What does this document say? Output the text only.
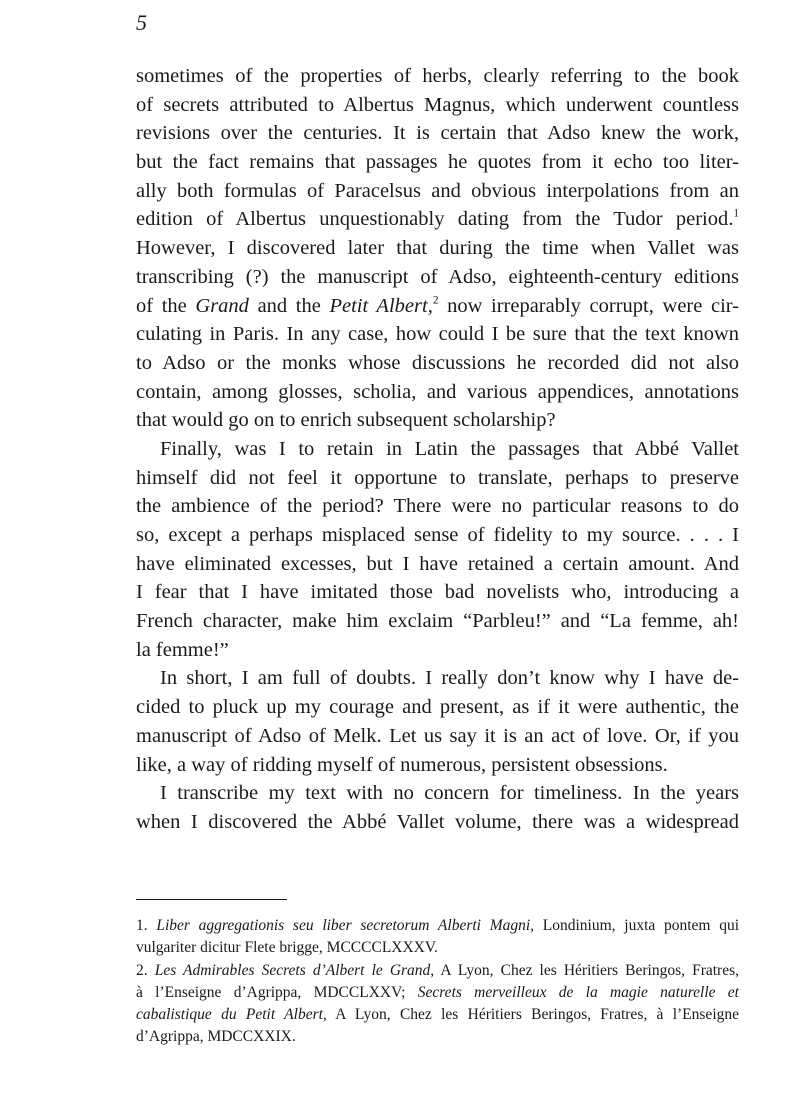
5
sometimes of the properties of herbs, clearly referring to the book
of secrets attributed to Albertus Magnus, which underwent countless
revisions over the centuries. It is certain that Adso knew the work,
but the fact remains that passages he quotes from it echo too liter-
ally both formulas of Paracelsus and obvious interpolations from an
edition of Albertus unquestionably dating from the Tudor period.$^1$
However, I discovered later that during the time when Vallet was
transcribing (?) the manuscript of Adso, eighteenth-century editions
of the Grand and the Petit Albert,$^2$ now irreparably corrupt, were cir-
culating in Paris. In any case, how could I be sure that the text known
to Adso or the monks whose discussions he recorded did not also
contain, among glosses, scholia, and various appendices, annotations
that would go on to enrich subsequent scholarship?
Finally, was I to retain in Latin the passages that Abbé Vallet
himself did not feel it opportune to translate, perhaps to preserve
the ambience of the period? There were no particular reasons to do
so, except a perhaps misplaced sense of fidelity to my source. . . . I
have eliminated excesses, but I have retained a certain amount. And
I fear that I have imitated those bad novelists who, introducing a
French character, make him exclaim “Parbleu!” and “La femme, ah!
la femme!”
In short, I am full of doubts. I really don’t know why I have de-
cided to pluck up my courage and present, as if it were authentic, the
manuscript of Adso of Melk. Let us say it is an act of love. Or, if you
like, a way of ridding myself of numerous, persistent obsessions.
I transcribe my text with no concern for timeliness. In the years
when I discovered the Abbé Vallet volume, there was a widespread
1. Liber aggregationis seu liber secretorum Alberti Magni, Londinium, juxta pontem qui
vulgariter dicitur Flete brigge, MCCCCLXXXV.
2. Les Admirables Secrets d’Albert le Grand, A Lyon, Chez les Héritiers Beringos, Fratres,
à l’Enseigne d’Agrippa, MDCCLXXV; Secrets merveilleux de la magie naturelle et
cabalistique du Petit Albert, A Lyon, Chez les Héritiers Beringos, Fratres, à l’Enseigne
d’Agrippa, MDCCXXIX.
